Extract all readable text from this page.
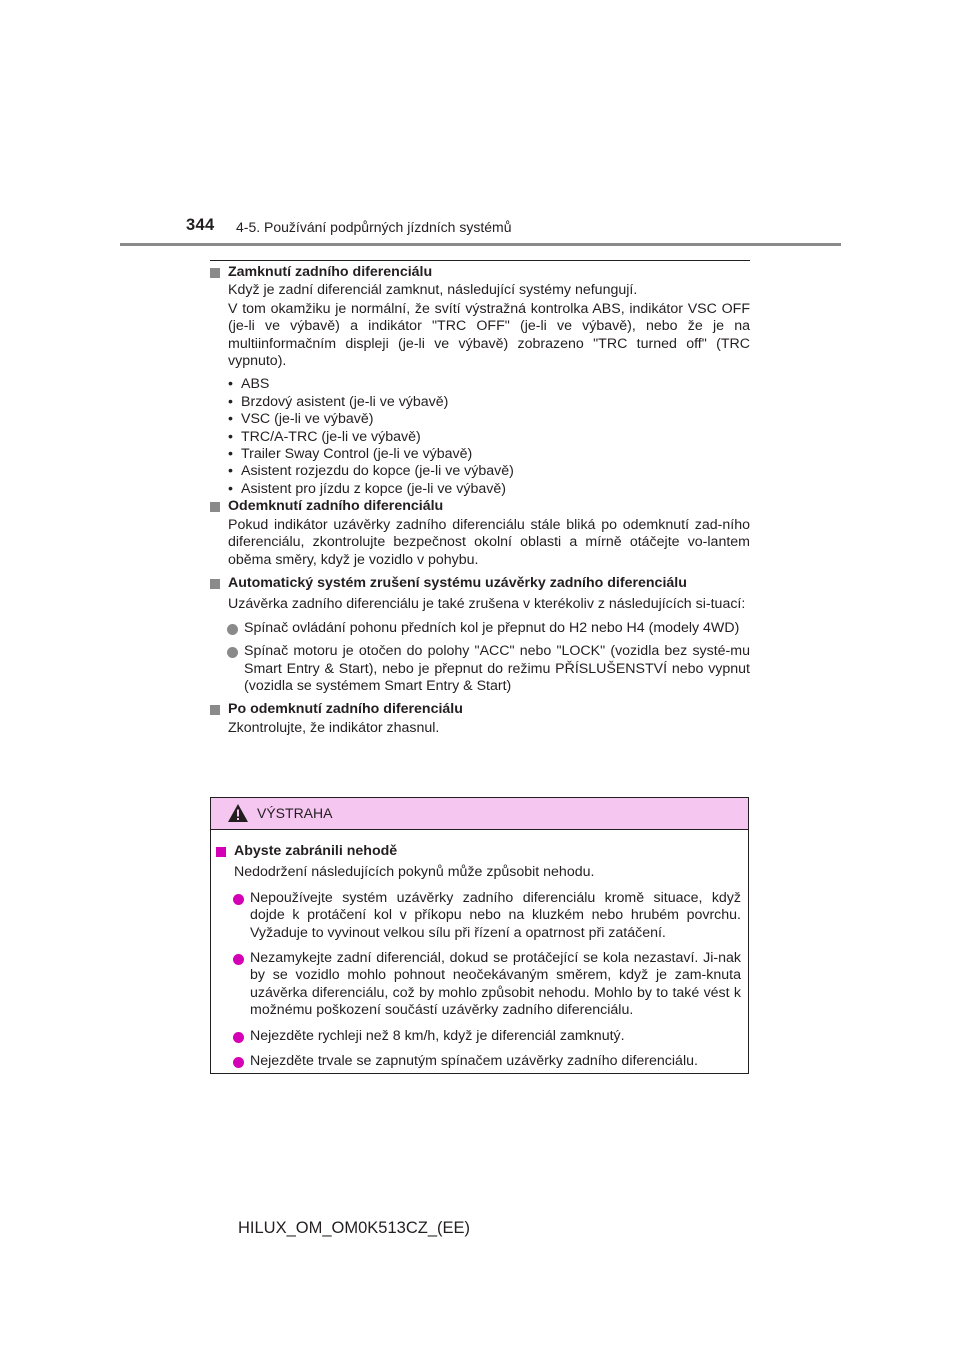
344 4-5. Používání podpůrných jízdních systémů
Zamknutí zadního diferenciálu
Když je zadní diferenciál zamknut, následující systémy nefungují.
V tom okamžiku je normální, že svítí výstražná kontrolka ABS, indikátor VSC OFF (je-li ve výbavě) a indikátor "TRC OFF" (je-li ve výbavě), nebo že je na multiinformačním displeji (je-li ve výbavě) zobrazeno "TRC turned off" (TRC vypnuto).
• ABS
• Brzdový asistent (je-li ve výbavě)
• VSC (je-li ve výbavě)
• TRC/A-TRC (je-li ve výbavě)
• Trailer Sway Control (je-li ve výbavě)
• Asistent rozjezdu do kopce (je-li ve výbavě)
• Asistent pro jízdu z kopce (je-li ve výbavě)
Odemknutí zadního diferenciálu
Pokud indikátor uzávěrky zadního diferenciálu stále bliká po odemknutí zad-ního diferenciálu, zkontrolujte bezpečnost okolní oblasti a mírně otáčejte vo-lantem oběma směry, když je vozidlo v pohybu.
Automatický systém zrušení systému uzávěrky zadního diferenciálu
Uzávěrka zadního diferenciálu je také zrušena v kterékoliv z následujících si-tuací:
Spínač ovládání pohonu předních kol je přepnut do H2 nebo H4 (modely 4WD)
Spínač motoru je otočen do polohy "ACC" nebo "LOCK" (vozidla bez systé-mu Smart Entry & Start), nebo je přepnut do režimu PŘÍSLUŠENSTVÍ nebo vypnut (vozidla se systémem Smart Entry & Start)
Po odemknutí zadního diferenciálu
Zkontrolujte, že indikátor zhasnul.
VÝSTRAHA
Abyste zabránili nehodě
Nedodržení následujících pokynů může způsobit nehodu.
Nepoužívejte systém uzávěrky zadního diferenciálu kromě situace, když dojde k protáčení kol v příkopu nebo na kluzkém nebo hrubém povrchu. Vyžaduje to vyvinout velkou sílu při řízení a opatrnost při zatáčení.
Nezamykejte zadní diferenciál, dokud se protáčející se kola nezastaví. Ji-nak by se vozidlo mohlo pohnout neočekávaným směrem, když je zam-knuta uzávěrka diferenciálu, což by mohlo způsobit nehodu. Mohlo by to také vést k možnému poškození součástí uzávěrky zadního diferenciálu.
Nejezděte rychleji než 8 km/h, když je diferenciál zamknutý.
Nejezděte trvale se zapnutým spínačem uzávěrky zadního diferenciálu.
HILUX_OM_OM0K513CZ_(EE)
